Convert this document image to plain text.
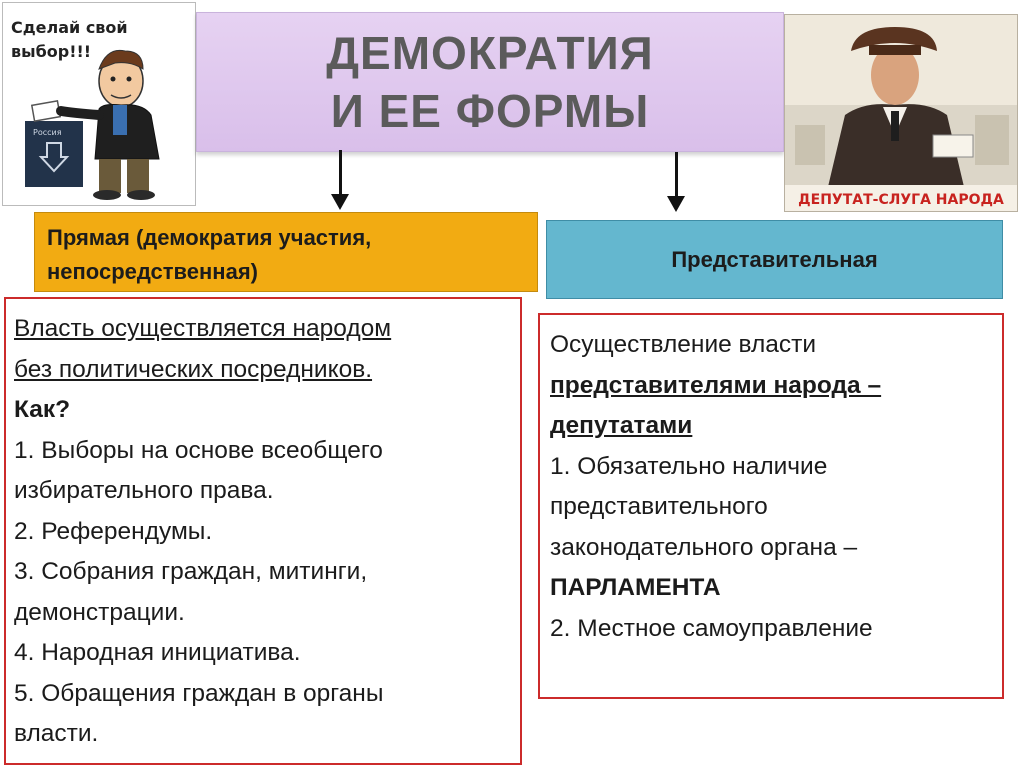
Сделай свой
выбор!!!
Россия
ДЕМОКРАТИЯ
И ЕЕ ФОРМЫ
ДЕПУТАТ-СЛУГА НАРОДА
Прямая (демократия участия,
непосредственная)	Представительная
Власть осуществляется народом
без политических посредников.
Как?
1. Выборы на основе всеобщего
избирательного права.
2. Референдумы.
3. Собрания граждан, митинги,
демонстрации.
4. Народная инициатива.
5. Обращения граждан в органы
власти.
Осуществление власти
представителями народа –
депутатами
1. Обязательно наличие
представительного
законодательного органа –
ПАРЛАМЕНТА
2. Местное самоуправление
